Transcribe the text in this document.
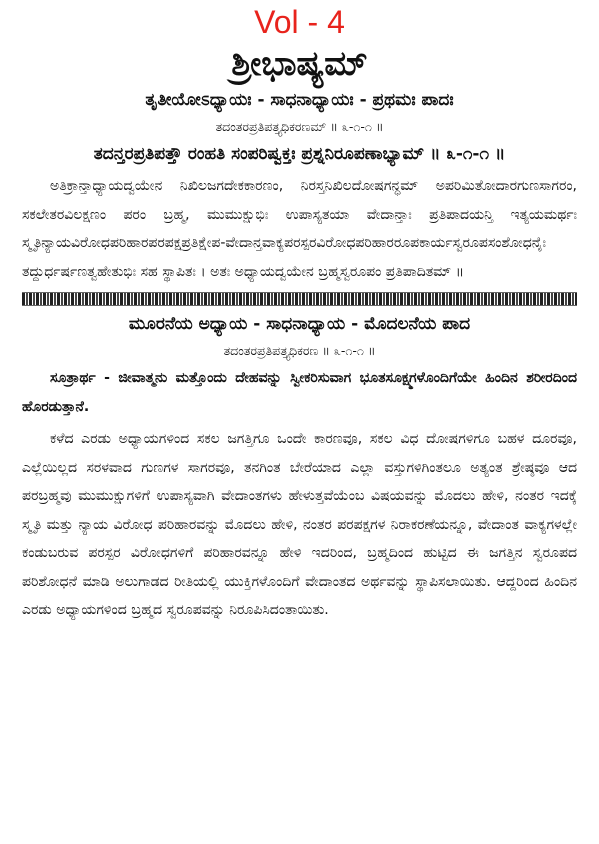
Vol - 4
ಶ್ರೀಭಾಷ್ಯಮ್
ತೃತೀಯೋಽಧ್ಯಾಯಃ - ಸಾಧನಾಧ್ಯಾಯಃ - ಪ್ರಥಮಃ ಪಾದಃ
ತದಂತರಪ್ರತಿಪತ್ತ್ಯಧಿಕರಣಮ್ ॥ ೩-೧-೧ ॥
ತದನ್ತರಪ್ರತಿಪತ್ತೌ ರಂಹತಿ ಸಂಪರಿಷ್ವಕ್ತಃ ಪ್ರಶ್ನನಿರೂಪಣಾಭ್ಯಾಮ್ ॥ ೩-೧-೧ ॥

ಅತಿಕ್ರಾನ್ತಾಧ್ಯಾಯದ್ವಯೇನ ನಿಖಿಲಜಗದೇಕಕಾರಣಂ, ನಿರಸ್ತನಿಖಿಲದೋಷಗನ್ಧಮ್ ಅಪರಿಮಿತೋದಾರಗುಣಸಾಗರಂ, ಸಕಲೇತರವಿಲಕ್ಷಣಂ ಪರಂ ಬ್ರಹ್ಮ, ಮುಮುಕ್ಷುಭಿಃ ಉಪಾಸ್ಯತಯಾ ವೇದಾನ್ತಾಃ ಪ್ರತಿಪಾದಯನ್ತಿ ಇತ್ಯಯಮರ್ಥಃ ಸ್ಮೃತಿನ್ಯಾಯವಿರೋಧಪರಿಹಾರಪರಪಕ್ಷಪ್ರತಿಕ್ಷೇಪ-ವೇದಾನ್ತವಾಕ್ಯಪರಸ್ಪರವಿರೋಧಪರಿಹಾರರೂಪಕಾರ್ಯಸ್ವರೂಪಸಂಶೋಧನೈಃ ತದ್ದುರ್ಧರ್ಷಣತ್ವಹೇತುಭಿಃ ಸಹ ಸ್ಥಾಪಿತಃ । ಅತಃ ಅಧ್ಯಾಯದ್ವಯೇನ ಬ್ರಹ್ಮಸ್ವರೂಪಂ ಪ್ರತಿಪಾದಿತಮ್ ॥

ಮೂರನೆಯ ಅಧ್ಯಾಯ - ಸಾಧನಾಧ್ಯಾಯ - ಮೊದಲನೆಯ ಪಾದ
ತದಂತರಪ್ರತಿಪತ್ತ್ಯಧಿಕರಣ ॥ ೩-೧-೧ ॥

ಸೂತ್ರಾರ್ಥ - ಜೀವಾತ್ಮನು ಮತ್ತೊಂದು ದೇಹವನ್ನು ಸ್ವೀಕರಿಸುವಾಗ ಭೂತಸೂಕ್ಷ್ಮಗಳೊಂದಿಗೆಯೇ ಹಿಂದಿನ ಶರೀರದಿಂದ ಹೊರಡುತ್ತಾನೆ.

ಕಳೆದ ಎರಡು ಅಧ್ಯಾಯಗಳಿಂದ ಸಕಲ ಜಗತ್ತಿಗೂ ಒಂದೇ ಕಾರಣವೂ, ಸಕಲ ವಿಧ ದೋಷಗಳಿಗೂ ಬಹಳ ದೂರವೂ, ಎಲ್ಲೆಯಿಲ್ಲದ ಸರಳವಾದ ಗುಣಗಳ ಸಾಗರವೂ, ತನಗಿಂತ ಬೇರೆಯಾದ ಎಲ್ಲಾ ವಸ್ತುಗಳಿಗಿಂತಲೂ ಅತ್ಯಂತ ಶ್ರೇಷ್ಠವೂ ಆದ ಪರಬ್ರಹ್ಮವು ಮುಮುಕ್ಷುಗಳಿಗೆ ಉಪಾಸ್ಯವಾಗಿ ವೇದಾಂತಗಳು ಹೇಳುತ್ತವೆಯೆಂಬ ವಿಷಯವನ್ನು ಮೊದಲು ಹೇಳಿ, ನಂತರ ಇದಕ್ಕೆ ಸ್ಮೃತಿ ಮತ್ತು ನ್ಯಾಯ ವಿರೋಧ ಪರಿಹಾರವನ್ನು ಮೊದಲು ಹೇಳಿ, ನಂತರ ಪರಪಕ್ಷಗಳ ನಿರಾಕರಣೆಯನ್ನೂ, ವೇದಾಂತ ವಾಕ್ಯಗಳಲ್ಲೇ ಕಂಡುಬರುವ ಪರಸ್ಪರ ವಿರೋಧಗಳಿಗೆ ಪರಿಹಾರವನ್ನೂ ಹೇಳಿ ಇದರಿಂದ, ಬ್ರಹ್ಮದಿಂದ ಹುಟ್ಟಿದ ಈ ಜಗತ್ತಿನ ಸ್ವರೂಪದ ಪರಿಶೋಧನೆ ಮಾಡಿ ಅಲುಗಾಡದ ರೀತಿಯಲ್ಲಿ ಯುಕ್ತಿಗಳೊಂದಿಗೆ ವೇದಾಂತದ ಅರ್ಥವನ್ನು ಸ್ಥಾಪಿಸಲಾಯಿತು. ಆದ್ದರಿಂದ ಹಿಂದಿನ ಎರಡು ಅಧ್ಯಾಯಗಳಿಂದ ಬ್ರಹ್ಮದ ಸ್ವರೂಪವನ್ನು ನಿರೂಪಿಸಿದಂತಾಯಿತು.
